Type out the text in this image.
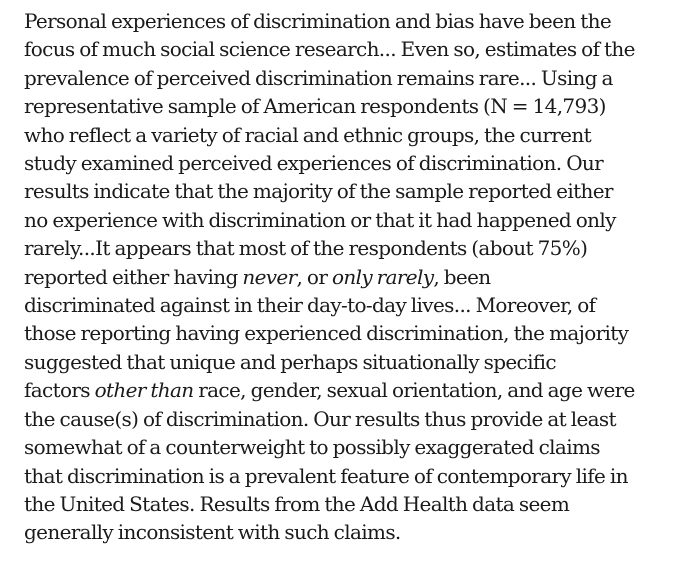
Personal experiences of discrimination and bias have been the
focus of much social science research... Even so, estimates of the
prevalence of perceived discrimination remains rare... Using a
representative sample of American respondents (N = 14,793)
who reflect a variety of racial and ethnic groups, the current
study examined perceived experiences of discrimination. Our
results indicate that the majority of the sample reported either
no experience with discrimination or that it had happened only
rarely...It appears that most of the respondents (about 75%)
reported either having never, or only rarely, been
discriminated against in their day-to-day lives... Moreover, of
those reporting having experienced discrimination, the majority
suggested that unique and perhaps situationally specific
factors other than race, gender, sexual orientation, and age were
the cause(s) of discrimination. Our results thus provide at least
somewhat of a counterweight to possibly exaggerated claims
that discrimination is a prevalent feature of contemporary life in
the United States. Results from the Add Health data seem
generally inconsistent with such claims.
